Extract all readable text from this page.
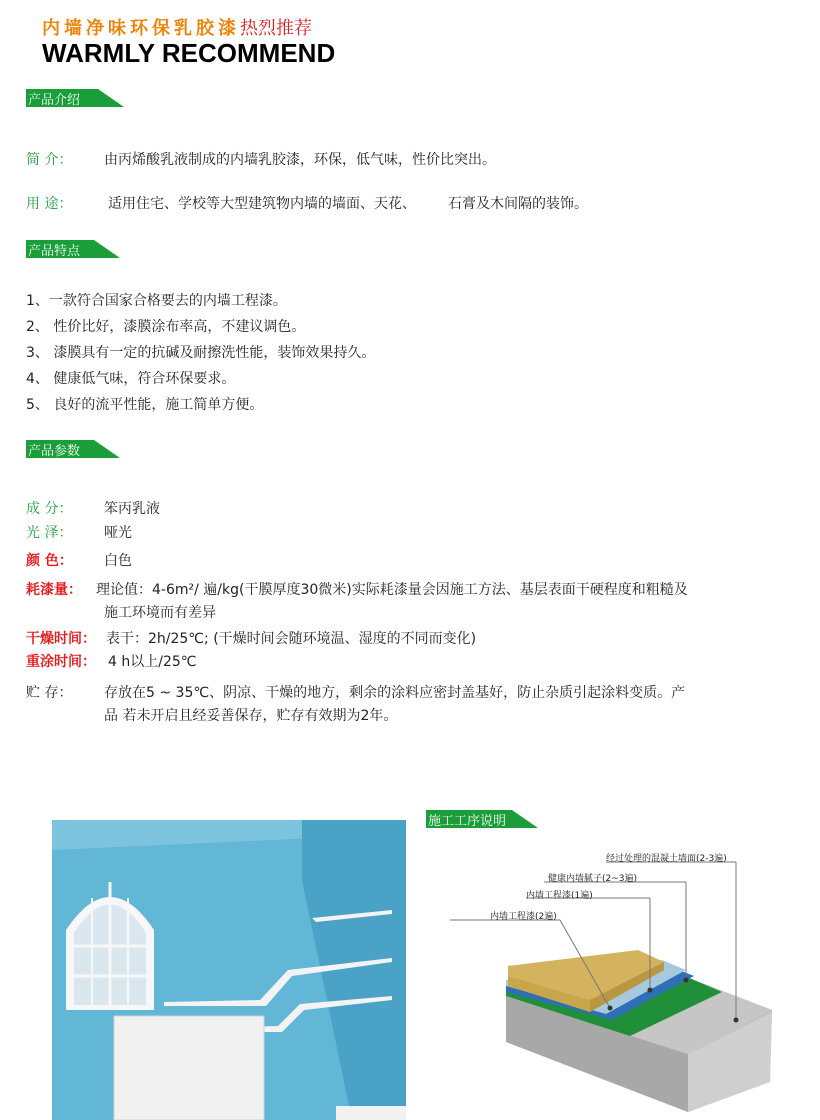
内墙净味环保乳胶漆热烈推荐
WARMLY RECOMMEND
产品介绍
简 介： 由丙烯酸乳液制成的内墙乳胶漆，环保，低气味，性价比突出。
用 途：	适用住宅、学校等大型建筑物内墙的墙面、天花、 石膏及木间隔的装饰。
产品特点
1、一款符合国家合格要去的内墙工程漆。
2、 性价比好，漆膜涂布率高，不建议调色。
3、 漆膜具有一定的抗碱及耐擦洗性能，装饰效果持久。
4、 健康低气味，符合环保要求。
5、 良好的流平性能，施工简单方便。
产品参数
成 分： 笨丙乳液
光 泽： 哑光
颜 色： 白色
耗漆量： 理论值：4-6m²/ 遍/kg(干膜厚度30微米)实际耗漆量会因施工方法、基层表面干硬程度和粗糙及
施工环境而有差异
干燥时间： 表干：2h/25℃; (干燥时间会随环境温、湿度的不同而变化)
重涂时间： 4 h以上/25℃
贮 存： 存放在5 ~ 35℃、阴凉、干燥的地方，剩余的涂料应密封盖基好，防止杂质引起涂料变质。产
品 若未开启且经妥善保存，贮存有效期为2年。
施工工序说明
经过处理的混凝土墙面(2-3遍)
健康内墙腻子(2~3遍)
内墙工程漆(1遍)
内墙工程漆(2遍)
